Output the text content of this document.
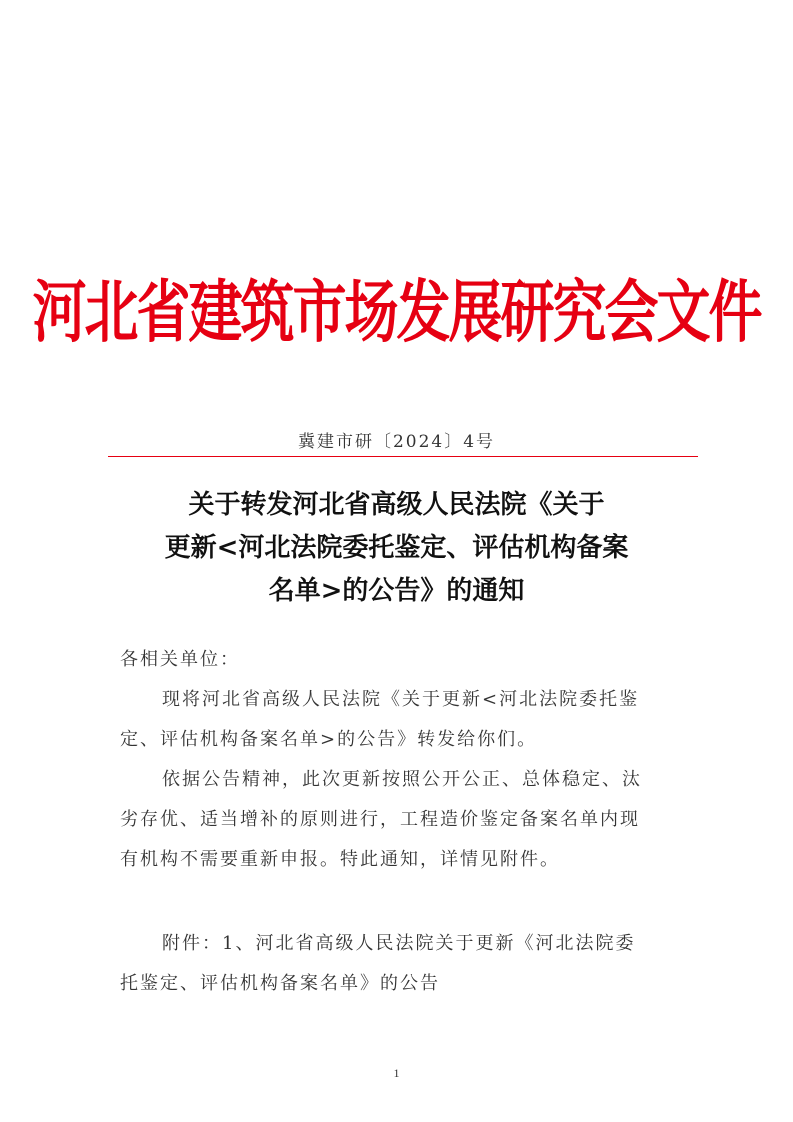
河北省建筑市场发展研究会文件
冀建市研〔2024〕4号
关于转发河北省高级人民法院《关于
更新<河北法院委托鉴定、评估机构备案
名单>的公告》的通知
各相关单位：
现将河北省高级人民法院《关于更新<河北法院委托鉴
定、评估机构备案名单>的公告》转发给你们。
依据公告精神，此次更新按照公开公正、总体稳定、汰
劣存优、适当增补的原则进行，工程造价鉴定备案名单内现
有机构不需要重新申报。特此通知，详情见附件。
附件：1、河北省高级人民法院关于更新《河北法院委
托鉴定、评估机构备案名单》的公告
1
